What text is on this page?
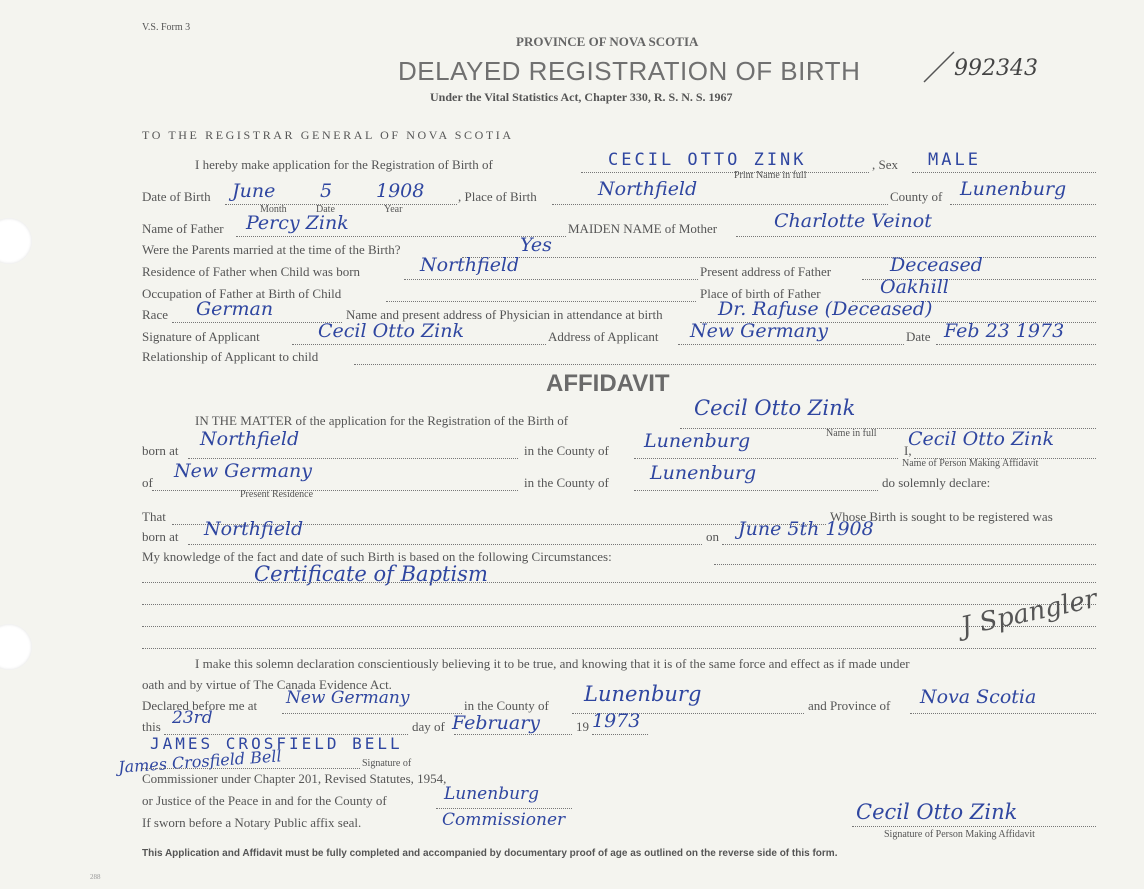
V.S. Form 3
PROVINCE OF NOVA SCOTIA
DELAYED REGISTRATION OF BIRTH
Under the Vital Statistics Act, Chapter 330, R. S. N. S. 1967
992343
TO THE REGISTRAR GENERAL OF NOVA SCOTIA
I hereby make application for the Registration of Birth of	CECIL OTTO ZINK
Print Name in full
, Sex MALE
Date of Birth June 5 1908
Month	Date	Year
, Place of Birth	Northfield	County of Lunenburg
Name of Father Percy Zink	MAIDEN NAME of Mother	Charlotte Veinot
Were the Parents married at the time of the Birth?	Yes
Residence of Father when Child was born	Northfield	Present address of Father	Deceased
Occupation of Father at Birth of Child	Place of birth of Father	Oakhill
Race German	Name and present address of Physician in attendance at birth	Dr. Rafuse (Deceased)
Signature of Applicant	Cecil Otto Zink	Address of Applicant New Germany	Date Feb 23 1973
Relationship of Applicant to child
AFFIDAVIT
IN THE MATTER of the application for the Registration of the Birth of
Cecil Otto Zink
Name in full
born at
Northfield
in the County of Lunenburg	I,
Cecil Otto Zink
Name of Person Making Affidavit
of
New Germany
Present Residence
in the County of Lunenburg	do solemnly declare:
That	Whose Birth is sought to be registered was
born at Northfield	on June 5th 1908
My knowledge of the fact and date of such Birth is based on the following Circumstances:
Certificate of Baptism
J Spangler
I make this solemn declaration conscientiously believing it to be true, and knowing that it is of the same force and effect as if made under
oath and by virtue of The Canada Evidence Act.
Declared before me at New Germany	in the County of Lunenburg	and Province of Nova Scotia
this 23rd	day of February	19 1973
JAMES CROSFIELD BELL
James Crosfield Bell	Signature of
Commissioner under Chapter 201, Revised Statutes, 1954,
or Justice of the Peace in and for the County of	Lunenburg
If sworn before a Notary Public affix seal.	Commissioner	Cecil Otto Zink
Signature of Person Making Affidavit
This Application and Affidavit must be fully completed and accompanied by documentary proof of age as outlined on the reverse side of this form.
288
